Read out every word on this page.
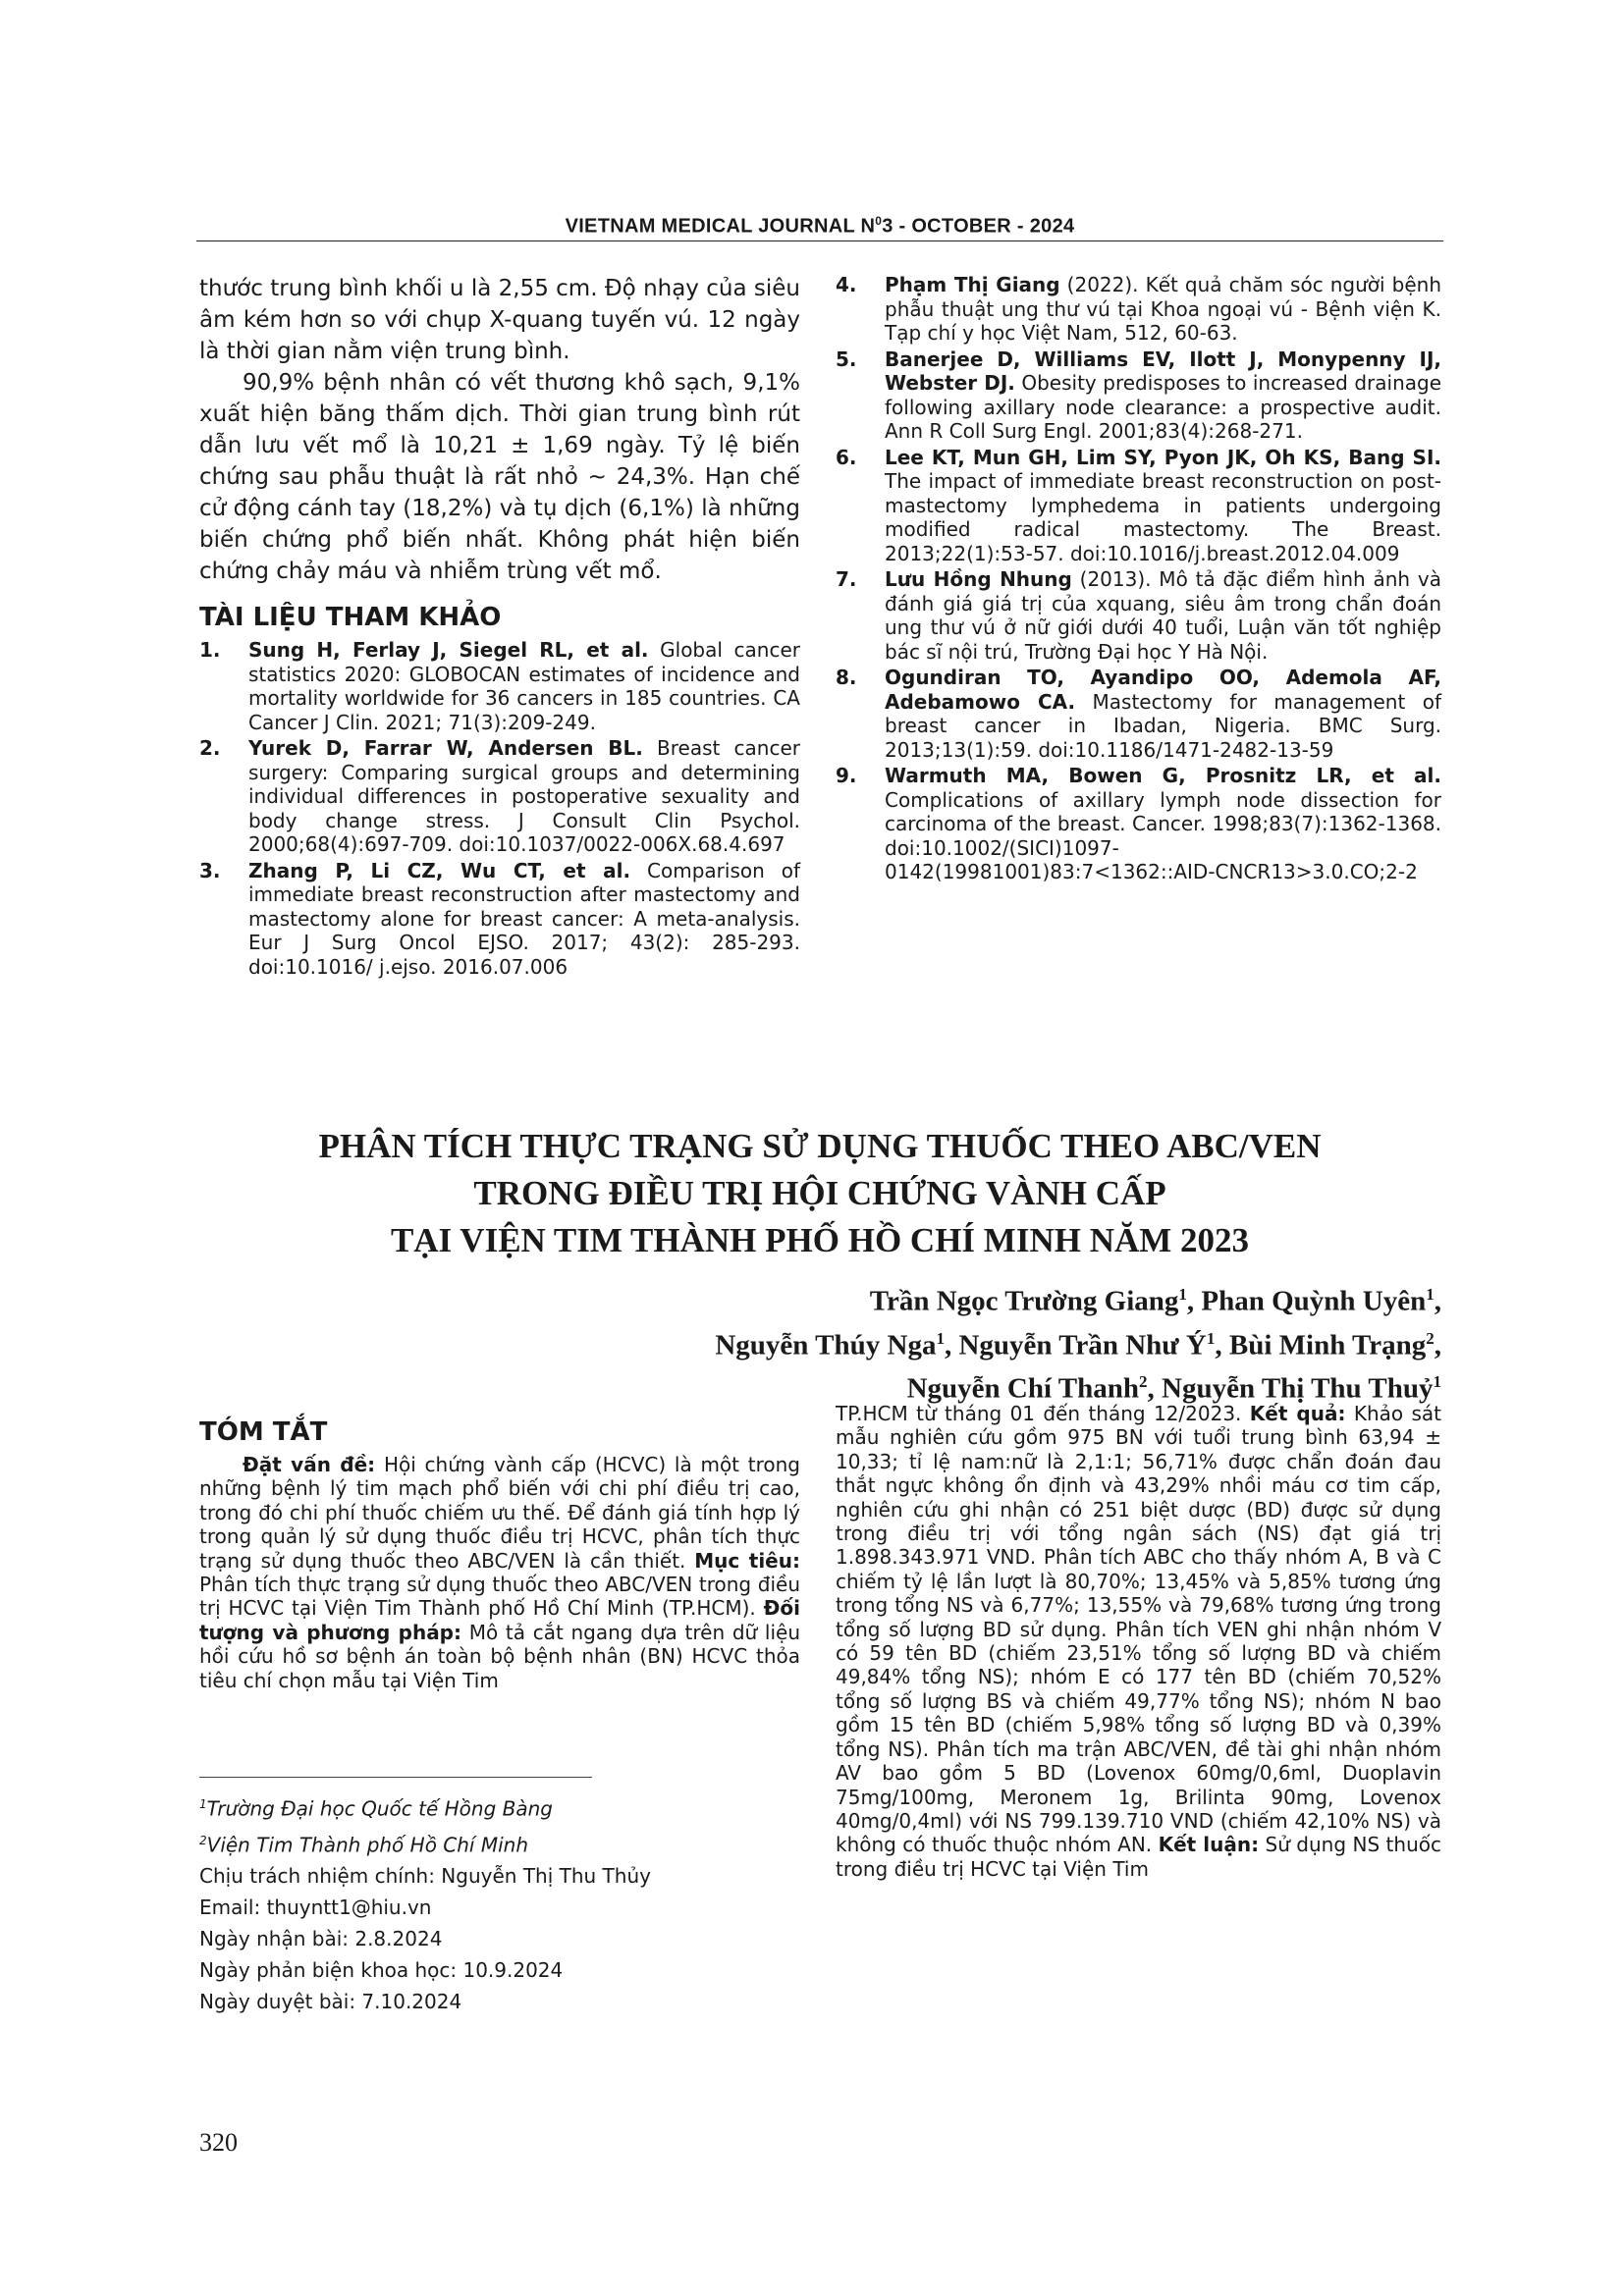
VIETNAM MEDICAL JOURNAL $N^03$ - OCTOBER - 2024

thước trung bình khối u là 2,55 cm. Độ nhạy của siêu âm kém hơn so với chụp X-quang tuyến vú. 12 ngày là thời gian nằm viện trung bình.

90,9% bệnh nhân có vết thương khô sạch, 9,1% xuất hiện băng thấm dịch. Thời gian trung bình rút dẫn lưu vết mổ là 10,21 ± 1,69 ngày. Tỷ lệ biến chứng sau phẫu thuật là rất nhỏ ~ 24,3%. Hạn chế cử động cánh tay (18,2%) và tụ dịch (6,1%) là những biến chứng phổ biến nhất. Không phát hiện biến chứng chảy máu và nhiễm trùng vết mổ.

TÀI LIỆU THAM KHẢO
1.	Sung H, Ferlay J, Siegel RL, et al. Global cancer statistics 2020: GLOBOCAN estimates of incidence and mortality worldwide for 36 cancers in 185 countries. CA Cancer J Clin. 2021; 71(3):209-249.
2.	Yurek D, Farrar W, Andersen BL. Breast cancer surgery: Comparing surgical groups and determining individual differences in postoperative sexuality and body change stress. J Consult Clin Psychol. 2000;68(4):697-709. doi:10.1037/0022-006X.68.4.697
3.	Zhang P, Li CZ, Wu CT, et al. Comparison of immediate breast reconstruction after mastectomy and mastectomy alone for breast cancer: A meta-analysis. Eur J Surg Oncol EJSO. 2017; 43(2): 285-293. doi:10.1016/ j.ejso. 2016.07.006
4.	Phạm Thị Giang (2022). Kết quả chăm sóc người bệnh phẫu thuật ung thư vú tại Khoa ngoại vú - Bệnh viện K. Tạp chí y học Việt Nam, 512, 60-63.
5.	Banerjee D, Williams EV, Ilott J, Monypenny IJ, Webster DJ. Obesity predisposes to increased drainage following axillary node clearance: a prospective audit. Ann R Coll Surg Engl. 2001;83(4):268-271.
6.	Lee KT, Mun GH, Lim SY, Pyon JK, Oh KS, Bang SI. The impact of immediate breast reconstruction on post-mastectomy lymphedema in patients undergoing modified radical mastectomy. The Breast. 2013;22(1):53-57. doi:10.1016/j.breast.2012.04.009
7.	Lưu Hồng Nhung (2013). Mô tả đặc điểm hình ảnh và đánh giá giá trị của xquang, siêu âm trong chẩn đoán ung thư vú ở nữ giới dưới 40 tuổi, Luận văn tốt nghiệp bác sĩ nội trú, Trường Đại học Y Hà Nội.
8.	Ogundiran TO, Ayandipo OO, Ademola AF, Adebamowo CA. Mastectomy for management of breast cancer in Ibadan, Nigeria. BMC Surg. 2013;13(1):59. doi:10.1186/1471-2482-13-59
9.	Warmuth MA, Bowen G, Prosnitz LR, et al. Complications of axillary lymph node dissection for carcinoma of the breast. Cancer. 1998;83(7):1362-1368. doi:10.1002/(SICI)1097-0142(19981001)83:7<1362::AID-CNCR13>3.0.CO;2-2
PHÂN TÍCH THỰC TRẠNG SỬ DỤNG THUỐC THEO ABC/VEN
TRONG ĐIỀU TRỊ HỘI CHỨNG VÀNH CẤP
TẠI VIỆN TIM THÀNH PHỐ HỒ CHÍ MINH NĂM 2023
Trần Ngọc Trường Giang$^1$, Phan Quỳnh Uyên$^1$,
Nguyễn Thúy Nga$^1$, Nguyễn Trần Như $Ý^1$, Bùi Minh Trạng$^2$,
Nguyễn Chí Thanh$^2$, Nguyễn Thị Thu Thuỷ$^1$
TÓM TẮT

Đặt vấn đề: Hội chứng vành cấp (HCVC) là một trong những bệnh lý tim mạch phổ biến với chi phí điều trị cao, trong đó chi phí thuốc chiếm ưu thế. Để đánh giá tính hợp lý trong quản lý sử dụng thuốc điều trị HCVC, phân tích thực trạng sử dụng thuốc theo ABC/VEN là cần thiết. Mục tiêu: Phân tích thực trạng sử dụng thuốc theo ABC/VEN trong điều trị HCVC tại Viện Tim Thành phố Hồ Chí Minh (TP.HCM). Đối tượng và phương pháp: Mô tả cắt ngang dựa trên dữ liệu hồi cứu hồ sơ bệnh án toàn bộ bệnh nhân (BN) HCVC thỏa tiêu chí chọn mẫu tại Viện Tim

TP.HCM từ tháng 01 đến tháng 12/2023. Kết quả: Khảo sát mẫu nghiên cứu gồm 975 BN với tuổi trung bình 63,94 ± 10,33; tỉ lệ nam:nữ là 2,1:1; 56,71% được chẩn đoán đau thắt ngực không ổn định và 43,29% nhồi máu cơ tim cấp, nghiên cứu ghi nhận có 251 biệt dược (BD) được sử dụng trong điều trị với tổng ngân sách (NS) đạt giá trị 1.898.343.971 VND. Phân tích ABC cho thấy nhóm A, B và C chiếm tỷ lệ lần lượt là 80,70%; 13,45% và 5,85% tương ứng trong tổng NS và 6,77%; 13,55% và 79,68% tương ứng trong tổng số lượng BD sử dụng. Phân tích VEN ghi nhận nhóm V có 59 tên BD (chiếm 23,51% tổng số lượng BD và chiếm 49,84% tổng NS); nhóm E có 177 tên BD (chiếm 70,52% tổng số lượng BS và chiếm 49,77% tổng NS); nhóm N bao gồm 15 tên BD (chiếm 5,98% tổng số lượng BD và 0,39% tổng NS). Phân tích ma trận ABC/VEN, đề tài ghi nhận nhóm AV bao gồm 5 BD (Lovenox 60mg/0,6ml, Duoplavin 75mg/100mg, Meronem 1g, Brilinta 90mg, Lovenox 40mg/0,4ml) với NS 799.139.710 VND (chiếm 42,10% NS) và không có thuốc thuộc nhóm AN. Kết luận: Sử dụng NS thuốc trong điều trị HCVC tại Viện Tim

$^1$Trường Đại học Quốc tế Hồng Bàng
$^2$Viện Tim Thành phố Hồ Chí Minh
Chịu trách nhiệm chính: Nguyễn Thị Thu Thủy
Email: thuyntt1@hiu.vn
Ngày nhận bài: 2.8.2024
Ngày phản biện khoa học: 10.9.2024
Ngày duyệt bài: 7.10.2024
320
